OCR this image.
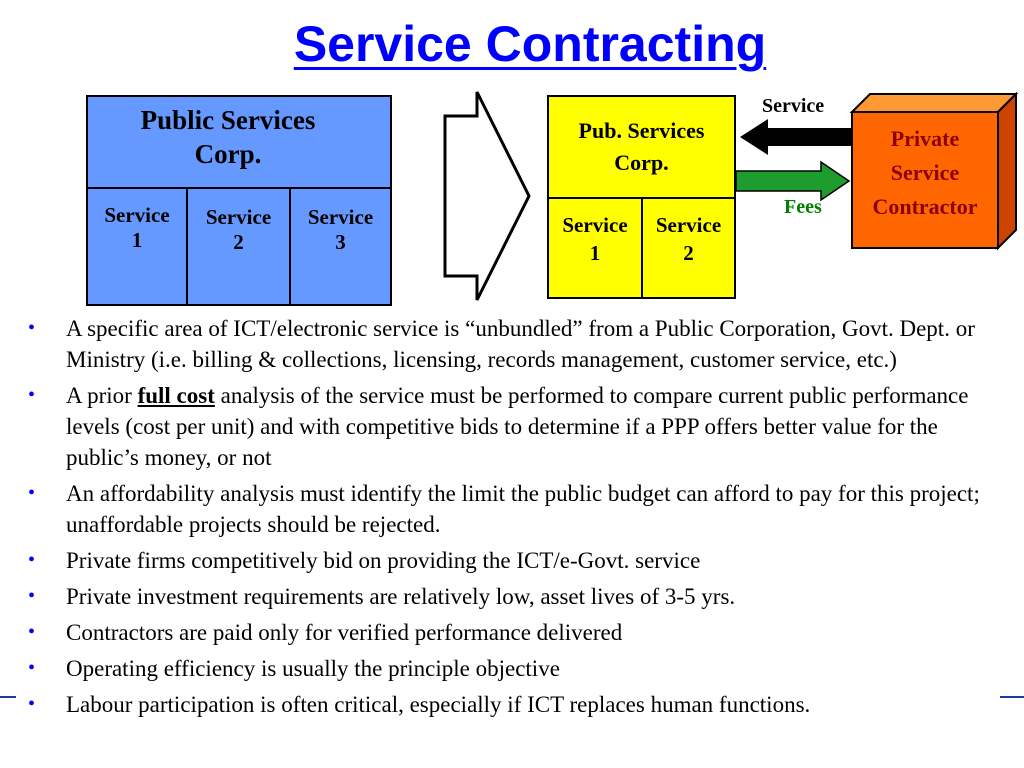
Service Contracting
Public Services
Corp.
Service
1
Service
2
Service
3
Pub. Services
Corp.
Service
1
Service
2
Service
Fees
Private
Service
Contractor
• A specific area of ICT/electronic service is “unbundled” from a Public Corporation, Govt. Dept. or Ministry (i.e. billing & collections, licensing, records management, customer service, etc.)
• A prior full cost analysis of the service must be performed to compare current public performance levels (cost per unit) and with competitive bids to determine if a PPP offers better value for the public’s money, or not
• An affordability analysis must identify the limit the public budget can afford to pay for this project; unaffordable projects should be rejected.
• Private firms competitively bid on providing the ICT/e-Govt. service
• Private investment requirements are relatively low, asset lives of 3-5 yrs.
• Contractors are paid only for verified performance delivered
• Operating efficiency is usually the principle objective
• Labour participation is often critical, especially if ICT replaces human functions.
